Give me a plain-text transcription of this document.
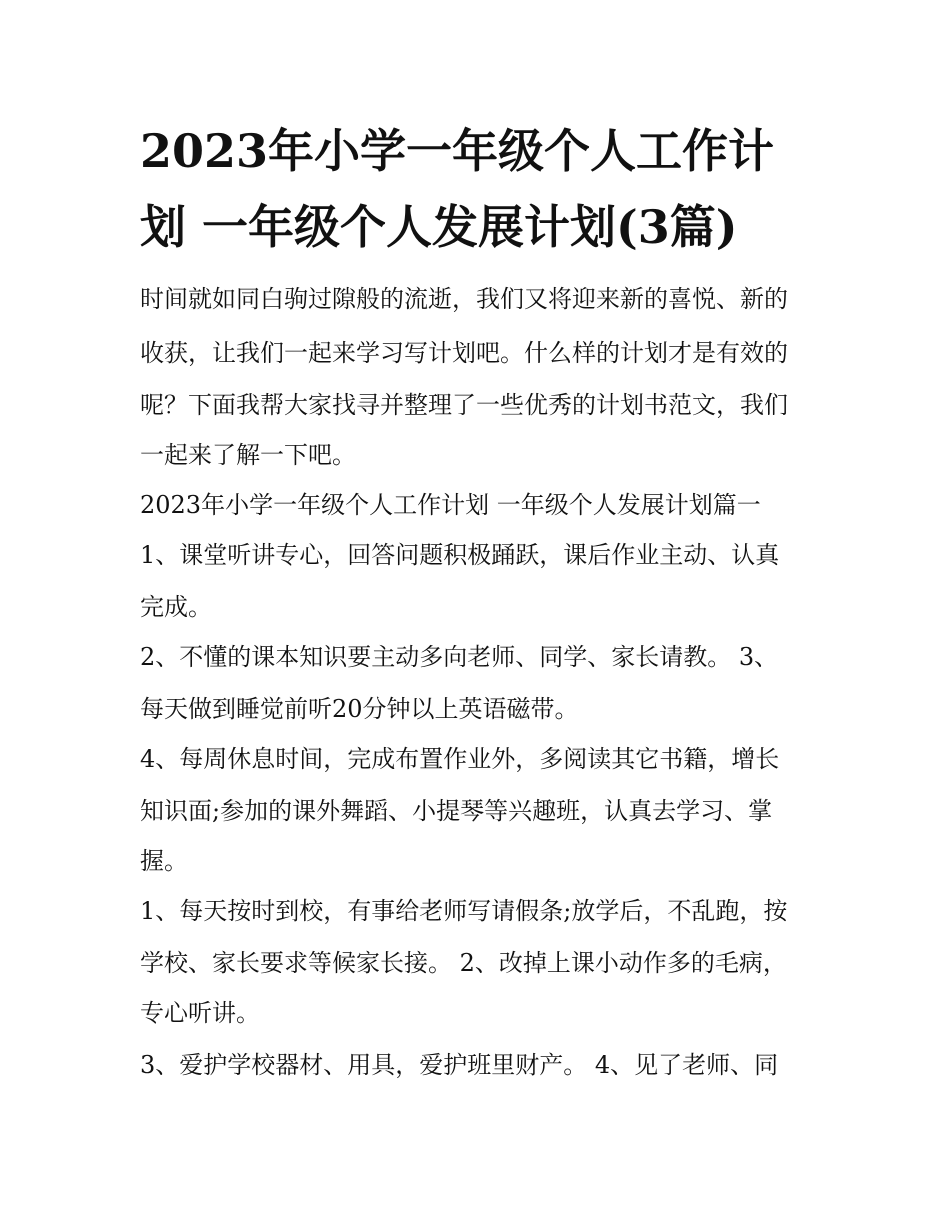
2023年小学一年级个人工作计
划 一年级个人发展计划(3篇)

时间就如同白驹过隙般的流逝，我们又将迎来新的喜悦、新的

收获，让我们一起来学习写计划吧。什么样的计划才是有效的

呢？下面我帮大家找寻并整理了一些优秀的计划书范文，我们

一起来了解一下吧。

2023年小学一年级个人工作计划 一年级个人发展计划篇一

1、课堂听讲专心，回答问题积极踊跃，课后作业主动、认真

完成。

2、不懂的课本知识要主动多向老师、同学、家长请教。 3、

每天做到睡觉前听20分钟以上英语磁带。

4、每周休息时间，完成布置作业外，多阅读其它书籍，增长

知识面;参加的课外舞蹈、小提琴等兴趣班，认真去学习、掌

握。

1、每天按时到校，有事给老师写请假条;放学后，不乱跑，按

学校、家长要求等候家长接。 2、改掉上课小动作多的毛病，

专心听讲。

3、爱护学校器材、用具，爱护班里财产。 4、见了老师、同
